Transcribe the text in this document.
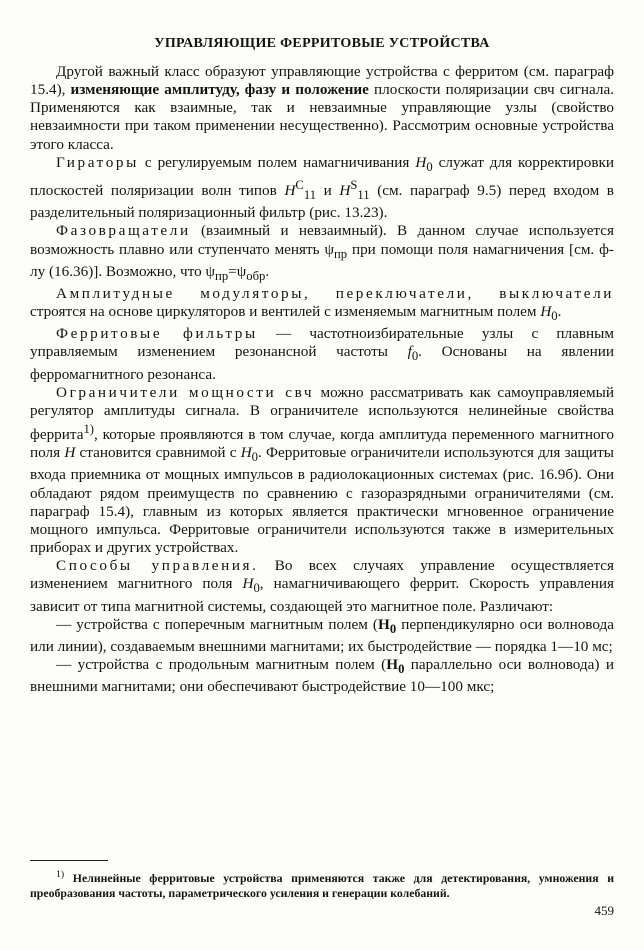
УПРАВЛЯЮЩИЕ ФЕРРИТОВЫЕ УСТРОЙСТВА

Другой важный класс образуют управляющие устройства с ферритом (см. параграф 15.4), изменяющие амплитуду, фазу и положение плоскости поляризации свч сигнала. Применяются как взаимные, так и невзаимные управляющие узлы (свойство невзаимности при таком применении несущественно). Рассмотрим основные устройства этого класса.

Гираторы с регулируемым полем намагничивания $H_0$ служат для корректировки плоскостей поляризации волн типов $H^C_{11}$ и $H^S_{11}$ (см. параграф 9.5) перед входом в разделительный поляризационный фильтр (рис. 13.23).

Фазовращатели (взаимный и невзаимный). В данном случае используется возможность плавно или ступенчато менять $\psi_{пр}$ при помощи поля намагничения [см. ф-лу (16.36)]. Возможно, что $\psi_{пр}=\psi_{обр}$.

Амплитудные модуляторы, переключатели, выключатели строятся на основе циркуляторов и вентилей с изменяемым магнитным полем $H_0$.

Ферритовые фильтры — частотноизбирательные узлы с плавным управляемым изменением резонансной частоты $f_0$. Основаны на явлении ферромагнитного резонанса.

Ограничители мощности свч можно рассматривать как самоуправляемый регулятор амплитуды сигнала. В ограничителе используются нелинейные свойства феррита$^{1)}$, которые проявляются в том случае, когда амплитуда переменного магнитного поля H становится сравнимой с $H_0$. Ферритовые ограничители используются для защиты входа приемника от мощных импульсов в радиолокационных системах (рис. 16.9б). Они обладают рядом преимуществ по сравнению с газоразрядными ограничителями (см. параграф 15.4), главным из которых является практически мгновенное ограничение мощного импульса. Ферритовые ограничители используются также в измерительных приборах и других устройствах.

Способы управления. Во всех случаях управление осуществляется изменением магнитного поля $H_0$, намагничивающего феррит. Скорость управления зависит от типа магнитной системы, создающей это магнитное поле. Различают:

— устройства с поперечным магнитным полем ($H_0$ перпендикулярно оси волновода или линии), создаваемым внешними магнитами; их быстродействие — порядка 1—10 мс;

— устройства с продольным магнитным полем ($H_0$ параллельно оси волновода) и внешними магнитами; они обеспечивают быстродействие 10—100 мкс;

$^{1)}$ Нелинейные ферритовые устройства применяются также для детектирования, умножения и преобразования частоты, параметрического усиления и генерации колебаний.
459
